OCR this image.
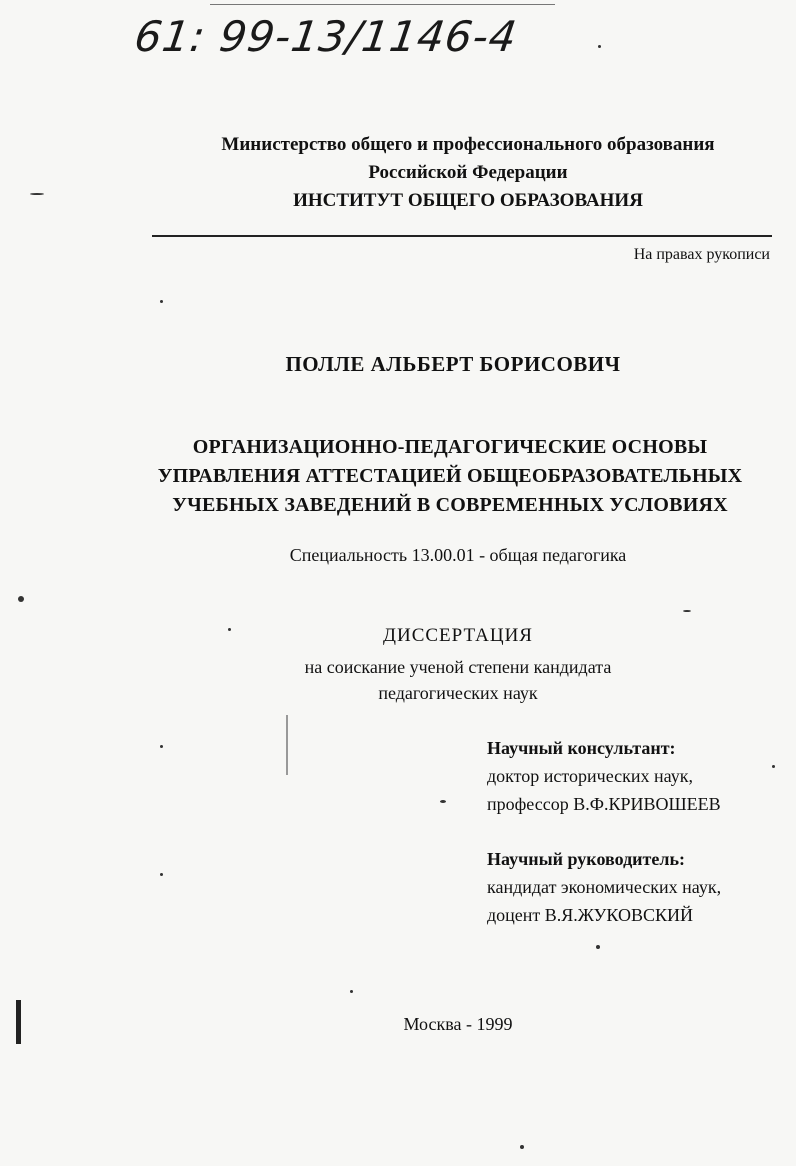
61: 99-13/1146-4
Министерство общего и профессионального образования
Российской Федерации
ИНСТИТУТ ОБЩЕГО ОБРАЗОВАНИЯ
На правах рукописи
ПОЛЛЕ АЛЬБЕРТ БОРИСОВИЧ
ОРГАНИЗАЦИОННО-ПЕДАГОГИЧЕСКИЕ ОСНОВЫ
УПРАВЛЕНИЯ АТТЕСТАЦИЕЙ ОБЩЕОБРАЗОВАТЕЛЬНЫХ
УЧЕБНЫХ ЗАВЕДЕНИЙ В СОВРЕМЕННЫХ УСЛОВИЯХ
Специальность 13.00.01 - общая педагогика
ДИССЕРТАЦИЯ
на соискание ученой степени кандидата
педагогических наук
Научный консультант:
доктор исторических наук,
профессор В.Ф.КРИВОШЕЕВ
Научный руководитель:
кандидат экономических наук,
доцент В.Я.ЖУКОВСКИЙ
Москва - 1999
